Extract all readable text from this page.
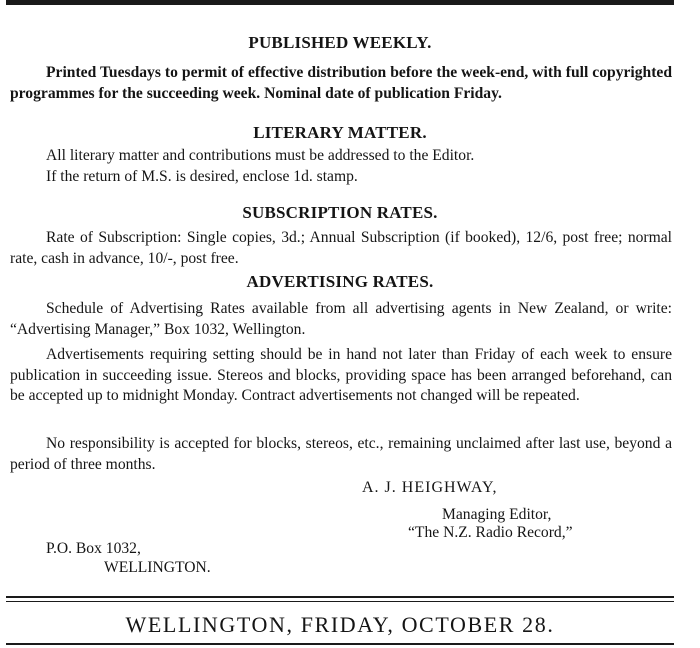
PUBLISHED WEEKLY.

Printed Tuesdays to permit of effective distribution before the week-end, with full copyrighted programmes for the succeeding week. Nominal date of publication Friday.

LITERARY MATTER.
All literary matter and contributions must be addressed to the Editor.
If the return of M.S. is desired, enclose 1d. stamp.
SUBSCRIPTION RATES.

Rate of Subscription: Single copies, 3d.; Annual Subscription (if booked), 12/6, post free; normal rate, cash in advance, 10/-, post free.

ADVERTISING RATES.

Schedule of Advertising Rates available from all advertising agents in New Zealand, or write: “Advertising Manager,” Box 1032, Wellington.

Advertisements requiring setting should be in hand not later than Friday of each week to ensure publication in succeeding issue. Stereos and blocks, providing space has been arranged beforehand, can be accepted up to midnight Monday. Contract advertisements not changed will be repeated.

No responsibility is accepted for blocks, stereos, etc., remaining unclaimed after last use, beyond a period of three months.

A. J. HEIGHWAY,
Managing Editor,
“The N.Z. Radio Record,”
P.O. Box 1032,
WELLINGTON.
WELLINGTON, FRIDAY, OCTOBER 28.
